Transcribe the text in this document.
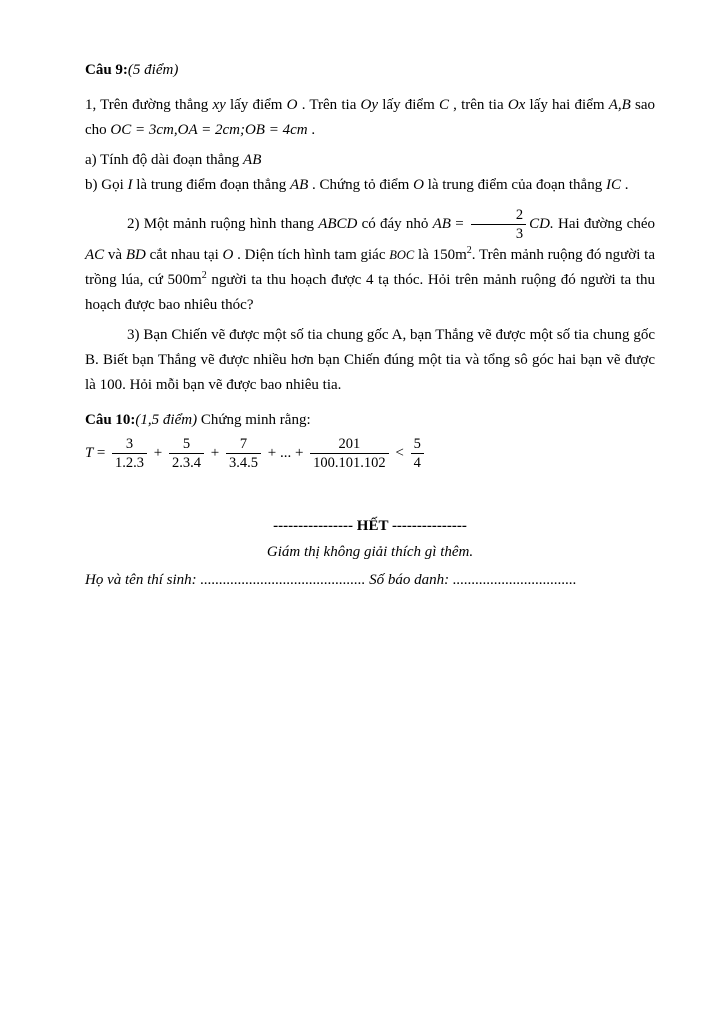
Câu 9:(5 điểm)

1, Trên đường thẳng xy lấy điểm O . Trên tia Oy lấy điểm C , trên tia Ox lấy hai điểm A,B sao cho OC = 3cm,OA = 2cm;OB = 4cm .

a) Tính độ dài đoạn thẳng AB

b) Gọi I là trung điểm đoạn thẳng AB . Chứng tỏ điểm O là trung điểm của đoạn thẳng IC .

2) Một mảnh ruộng hình thang ABCD có đáy nhỏ AB = $\frac{2}{3}$ CD. Hai đường chéo AC và BD cắt nhau tại O . Diện tích hình tam giác BOC là $150m^2$. Trên mảnh ruộng đó người ta trồng lúa, cứ $500m^2$ người ta thu hoạch được 4 tạ thóc. Hỏi trên mảnh ruộng đó người ta thu hoạch được bao nhiêu thóc?

3) Bạn Chiến vẽ được một số tia chung gốc A, bạn Thắng vẽ được một số tia chung gốc B. Biết bạn Thắng vẽ được nhiều hơn bạn Chiến đúng một tia và tổng sô góc hai bạn vẽ được là 100. Hỏi mỗi bạn vẽ được bao nhiêu tia.

Câu 10:(1,5 điểm) Chứng minh rằng:

$T = \frac{3}{1.2.3} + \frac{5}{2.3.4} + \frac{7}{3.4.5}$ + ... + $\frac{201}{100.101.102} < \frac{5}{4}$

---------------- HẾT ---------------

Giám thị không giải thích gì thêm.

Họ và tên thí sinh: ............................................ Số báo danh: .................................
